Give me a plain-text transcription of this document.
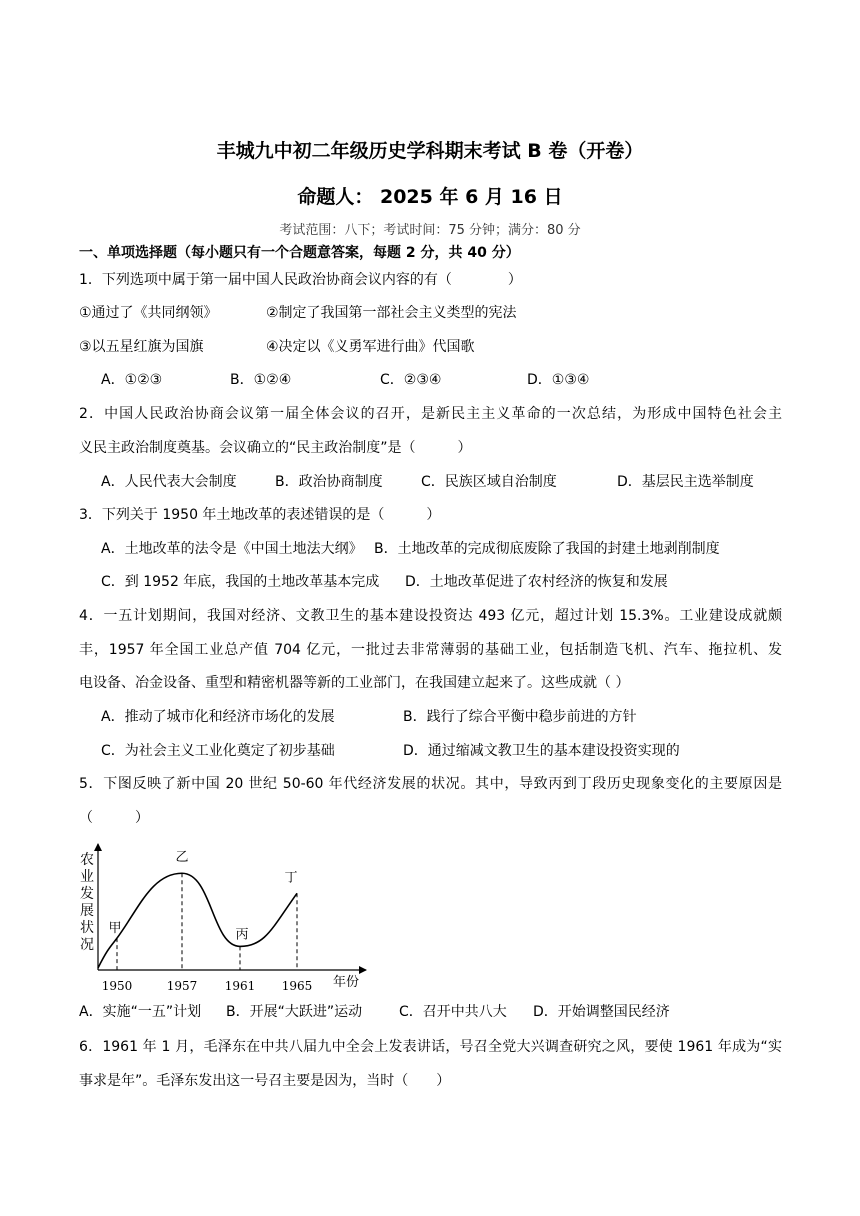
丰城九中初二年级历史学科期末考试 B 卷（开卷）
命题人： 2025 年 6 月 16 日
考试范围：八下；考试时间：75 分钟；满分：80 分
一、单项选择题（每小题只有一个合题意答案，每题 2 分，共 40 分）
1．下列选项中属于第一届中国人民政治协商会议内容的有（　　　　）
①通过了《共同纲领》	②制定了我国第一部社会主义类型的宪法
③以五星红旗为国旗	④决定以《义勇军进行曲》代国歌
A．①②③	B．①②④	C．②③④	D．①③④
2．中国人民政治协商会议第一届全体会议的召开，是新民主主义革命的一次总结，为形成中国特色社会主
义民主政治制度奠基。会议确立的“民主政治制度”是（　　　）
A．人民代表大会制度	B．政治协商制度	C．民族区域自治制度	D．基层民主选举制度
3．下列关于 1950 年土地改革的表述错误的是（　　　）
A．土地改革的法令是《中国土地法大纲》 B．土地改革的完成彻底废除了我国的封建土地剥削制度
C．到 1952 年底，我国的土地改革基本完成 D．土地改革促进了农村经济的恢复和发展
4．一五计划期间，我国对经济、文教卫生的基本建设投资达 493 亿元，超过计划 15.3%。工业建设成就颇
丰，1957 年全国工业总产值 704 亿元，一批过去非常薄弱的基础工业，包括制造飞机、汽车、拖拉机、发
电设备、冶金设备、重型和精密机器等新的工业部门，在我国建立起来了。这些成就（ ）
A．推动了城市化和经济市场化的发展	B．践行了综合平衡中稳步前进的方针
C．为社会主义工业化奠定了初步基础	D．通过缩减文教卫生的基本建设投资实现的
5．下图反映了新中国 20 世纪 50-60 年代经济发展的状况。其中，导致丙到丁段历史现象变化的主要原因是
（　　　）
农业发展状况
年份
甲
1950
乙
1957
丙
1961
丁
1965
A．实施“一五”计划 B．开展“大跃进”运动	C．召开中共八大 D．开始调整国民经济
6．1961 年 1 月，毛泽东在中共八届九中全会上发表讲话，号召全党大兴调查研究之风，要使 1961 年成为“实
事求是年”。毛泽东发出这一号召主要是因为，当时（　　）
